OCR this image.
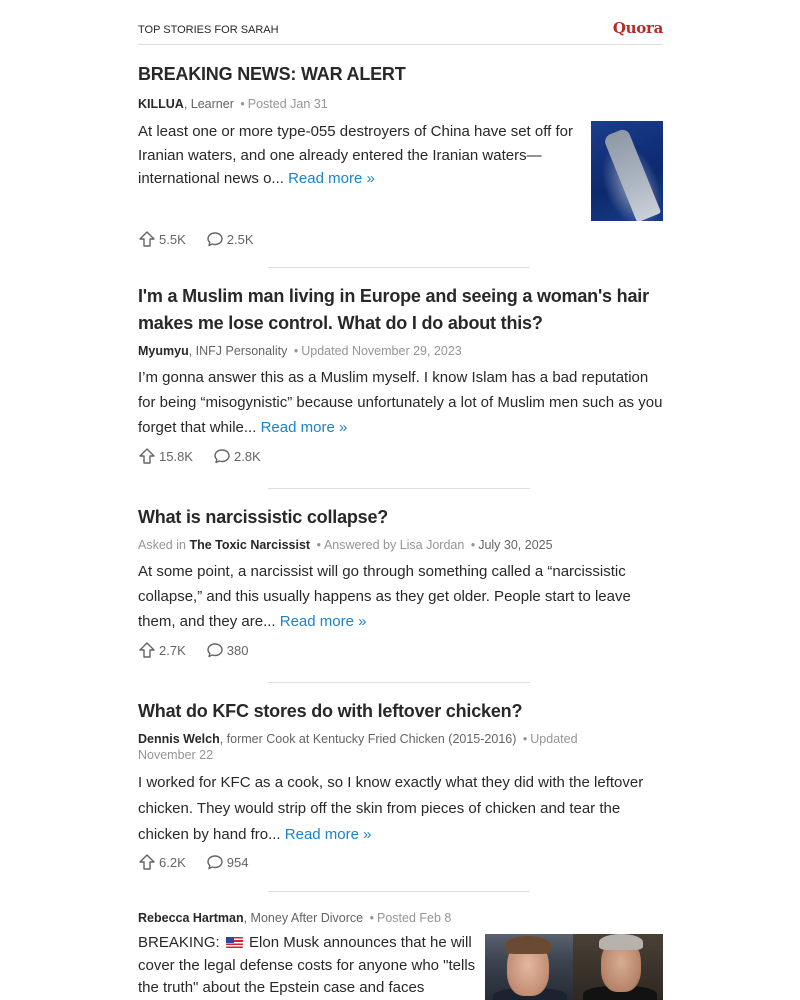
TOP STORIES FOR SARAH	Quora
BREAKING NEWS: WAR ALERT
KILLUA, Learner • Posted Jan 31
At least one or more type-055 destroyers of China have set off for Iranian waters, and one already entered the Iranian waters—international news o... Read more »
5.5K	2.5K
I'm a Muslim man living in Europe and seeing a woman's hair makes me lose control. What do I do about this?
Myumyu, INFJ Personality • Updated November 29, 2023
I’m gonna answer this as a Muslim myself. I know Islam has a bad reputation for being “misogynistic” because unfortunately a lot of Muslim men such as you forget that while... Read more »
15.8K	2.8K
What is narcissistic collapse?
Asked in The Toxic Narcissist • Answered by Lisa Jordan • July 30, 2025
At some point, a narcissist will go through something called a “narcissistic collapse,” and this usually happens as they get older. People start to leave them, and they are... Read more »
2.7K	380
What do KFC stores do with leftover chicken?
Dennis Welch, former Cook at Kentucky Fried Chicken (2015-2016) • Updated November 22
I worked for KFC as a cook, so I know exactly what they did with the leftover chicken. They would strip off the skin from pieces of chicken and tear the chicken by hand fro... Read more »
6.2K	954
Rebecca Hartman, Money After Divorce • Posted Feb 8
BREAKING: Elon Musk announces that he will cover the legal defense costs for anyone who "tells the truth" about the Epstein case and faces
